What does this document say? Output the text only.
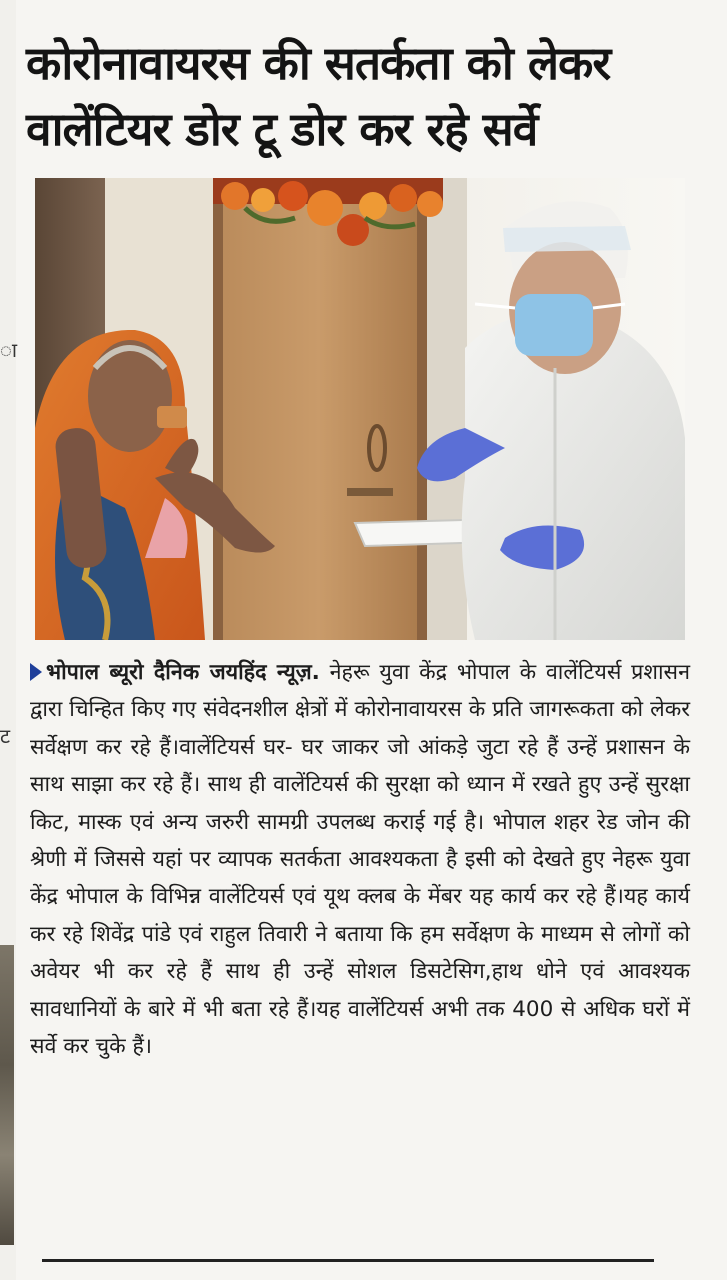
ा
ट
कोरोनावायरस की सतर्कता को लेकर
वालेंटियर डोर टू डोर कर रहे सर्वे

भोपाल ब्यूरो दैनिक जयहिंद न्यूज़. नेहरू युवा केंद्र भोपाल के वालेंटियर्स प्रशासन द्वारा चिन्हित किए गए संवेदनशील क्षेत्रों में कोरोनावायरस के प्रति जागरूकता को लेकर सर्वेक्षण कर रहे हैं।वालेंटियर्स घर- घर जाकर जो आंकड़े जुटा रहे हैं उन्हें प्रशासन के साथ साझा कर रहे हैं। साथ ही वालेंटियर्स की सुरक्षा को ध्यान में रखते हुए उन्हें सुरक्षा किट, मास्क एवं अन्य जरुरी सामग्री उपलब्ध कराई गई है। भोपाल शहर रेड जोन की श्रेणी में जिससे यहां पर व्यापक सतर्कता आवश्यकता है इसी को देखते हुए नेहरू युवा केंद्र भोपाल के विभिन्न वालेंटियर्स एवं यूथ क्लब के मेंबर यह कार्य कर रहे हैं।यह कार्य कर रहे शिवेंद्र पांडे एवं राहुल तिवारी ने बताया कि हम सर्वेक्षण के माध्यम से लोगों को अवेयर भी कर रहे हैं साथ ही उन्हें सोशल डिसटेसिग,हाथ धोने एवं आवश्यक सावधानियों के बारे में भी बता रहे हैं।यह वालेंटियर्स अभी तक 400 से अधिक घरों में सर्वे कर चुके हैं।
